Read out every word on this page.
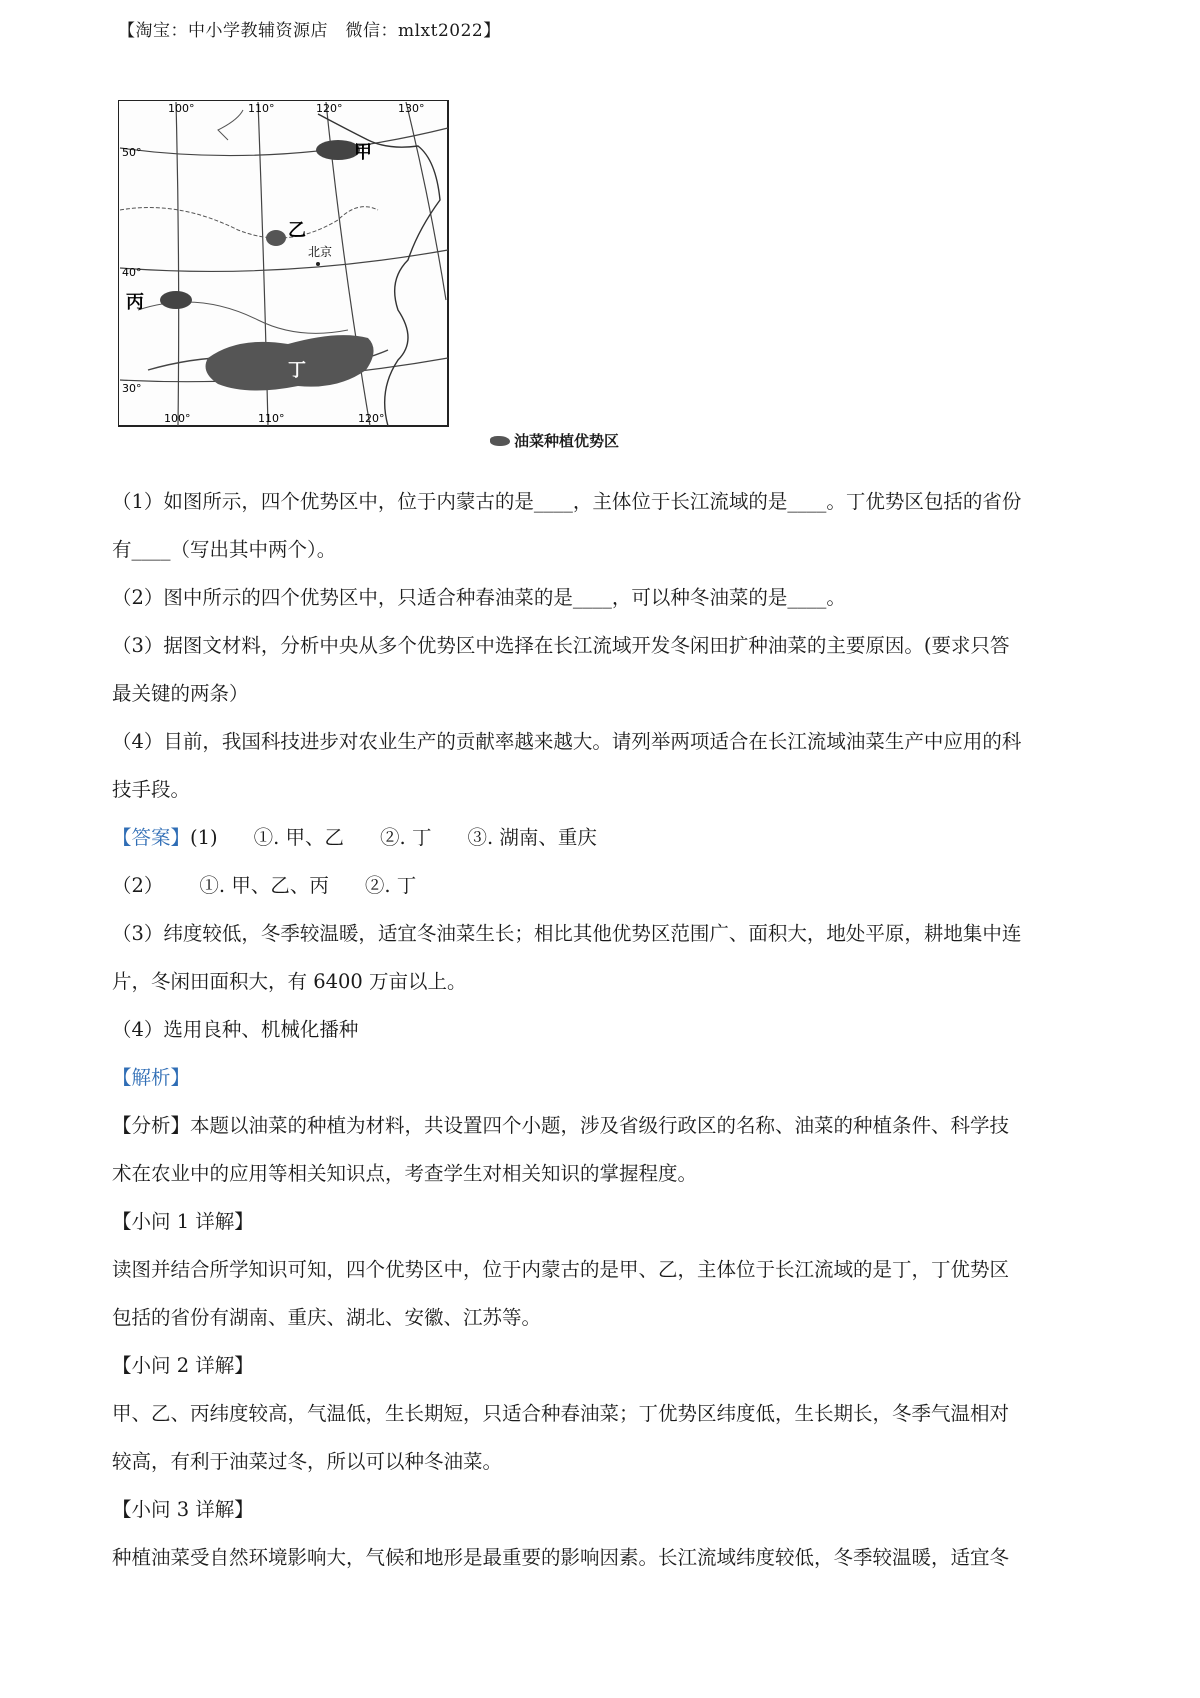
【淘宝：中小学教辅资源店　微信：mlxt2022】
100°	110°	120°	130°
50°
40°
30°
100°	110°	120°
甲
乙
丙
丁
北京
油菜种植优势区

（1）如图所示，四个优势区中，位于内蒙古的是____，主体位于长江流域的是____。丁优势区包括的省份

有____（写出其中两个）。

（2）图中所示的四个优势区中，只适合种春油菜的是____，可以种冬油菜的是____。

（3）据图文材料，分析中央从多个优势区中选择在长江流域开发冬闲田扩种油菜的主要原因。(要求只答

最关键的两条）

（4）目前，我国科技进步对农业生产的贡献率越来越大。请列举两项适合在长江流域油菜生产中应用的科

技手段。

【答案】(1) ①. 甲、乙 ②. 丁 ③. 湖南、重庆

（2） ①. 甲、乙、丙 ②. 丁

（3）纬度较低，冬季较温暖，适宜冬油菜生长；相比其他优势区范围广、面积大，地处平原，耕地集中连

片，冬闲田面积大，有 6400 万亩以上。

（4）选用良种、机械化播种

【解析】

【分析】本题以油菜的种植为材料，共设置四个小题，涉及省级行政区的名称、油菜的种植条件、科学技

术在农业中的应用等相关知识点，考查学生对相关知识的掌握程度。

【小问 1 详解】

读图并结合所学知识可知，四个优势区中，位于内蒙古的是甲、乙，主体位于长江流域的是丁，丁优势区

包括的省份有湖南、重庆、湖北、安徽、江苏等。

【小问 2 详解】

甲、乙、丙纬度较高，气温低，生长期短，只适合种春油菜；丁优势区纬度低，生长期长，冬季气温相对

较高，有利于油菜过冬，所以可以种冬油菜。

【小问 3 详解】

种植油菜受自然环境影响大，气候和地形是最重要的影响因素。长江流域纬度较低，冬季较温暖，适宜冬
